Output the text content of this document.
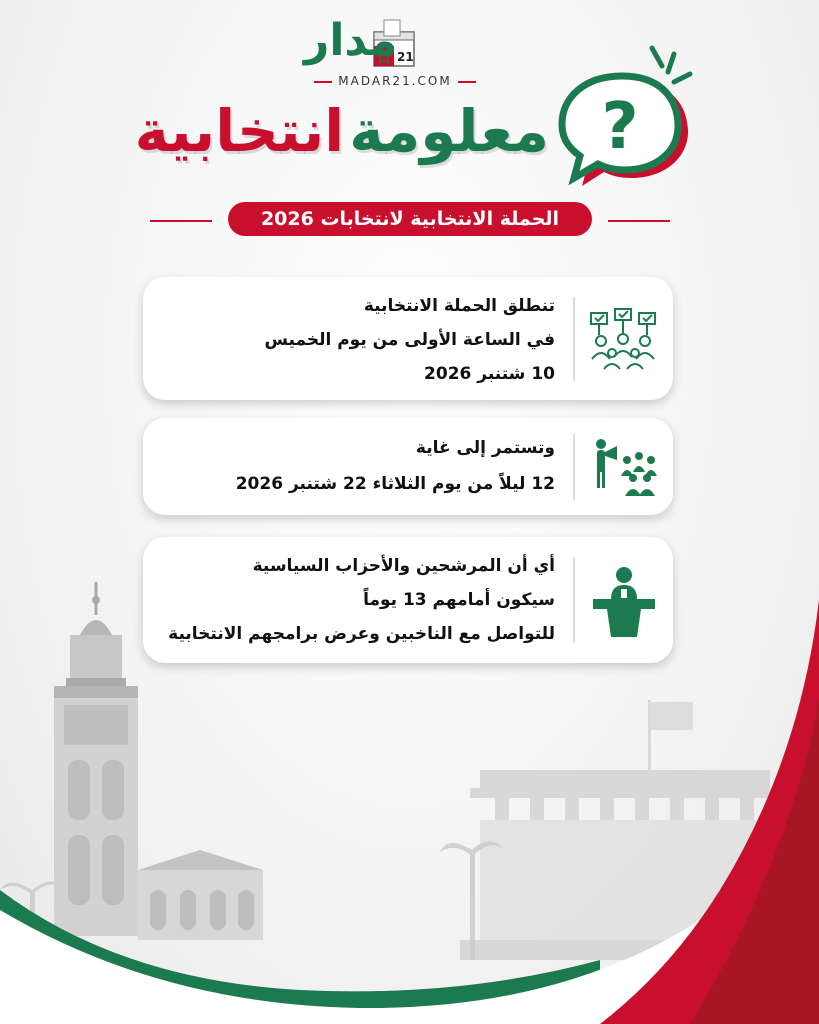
مدار 21
MADAR21.COM
معلومة انتخابية	?
الحملة الانتخابية لانتخابات 2026
تنطلق الحملة الانتخابية
في الساعة الأولى من يوم الخميس
10 شتنبر 2026
وتستمر إلى غاية
12 ليلاً من يوم الثلاثاء 22 شتنبر 2026
أي أن المرشحين والأحزاب السياسية
سيكون أمامهم 13 يوماً
للتواصل مع الناخبين وعرض برامجهم الانتخابية
